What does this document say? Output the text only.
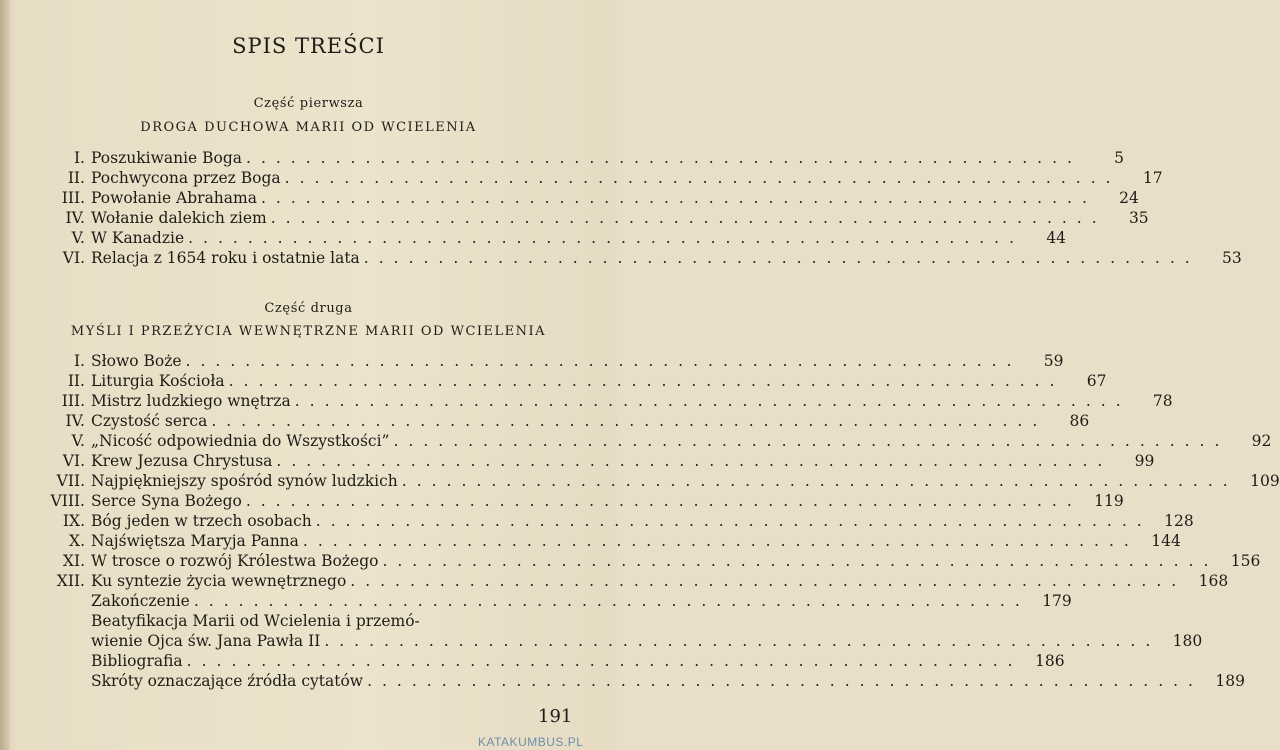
SPIS TREŚCI
Część pierwsza
DROGA DUCHOWA MARII OD WCIELENIA
I. Poszukiwanie Boga ........................................................	5
II. Pochwycona przez Boga ........................................................	17
III. Powołanie Abrahama ........................................................	24
IV. Wołanie dalekich ziem ........................................................	35
V. W Kanadzie ........................................................	44
VI. Relacja z 1654 roku i ostatnie lata ........................................................	53
Część druga
MYŚLI I PRZEŻYCIA WEWNĘTRZNE MARII OD WCIELENIA
I. Słowo Boże ........................................................	59
II. Liturgia Kościoła ........................................................	67
III. Mistrz ludzkiego wnętrza ........................................................	78
IV. Czystość serca ........................................................	86
V. „Nicość odpowiednia do Wszystkości” ........................................................	92
VI. Krew Jezusa Chrystusa ........................................................	99
VII. Najpiękniejszy spośród synów ludzkich ........................................................ 109
VIII. Serce Syna Bożego ........................................................ 119
IX. Bóg jeden w trzech osobach ........................................................ 128
X. Najświętsza Maryja Panna ........................................................ 144
XI. W trosce o rozwój Królestwa Bożego ........................................................ 156
XII. Ku syntezie życia wewnętrznego ........................................................ 168
Zakończenie ........................................................ 179
Beatyfikacja Marii od Wcielenia i przemó-
wienie Ojca św. Jana Pawła II ........................................................ 180
Bibliografia ........................................................ 186
Skróty oznaczające źródła cytatów ........................................................ 189
191
KATAKUMBUS.PL
